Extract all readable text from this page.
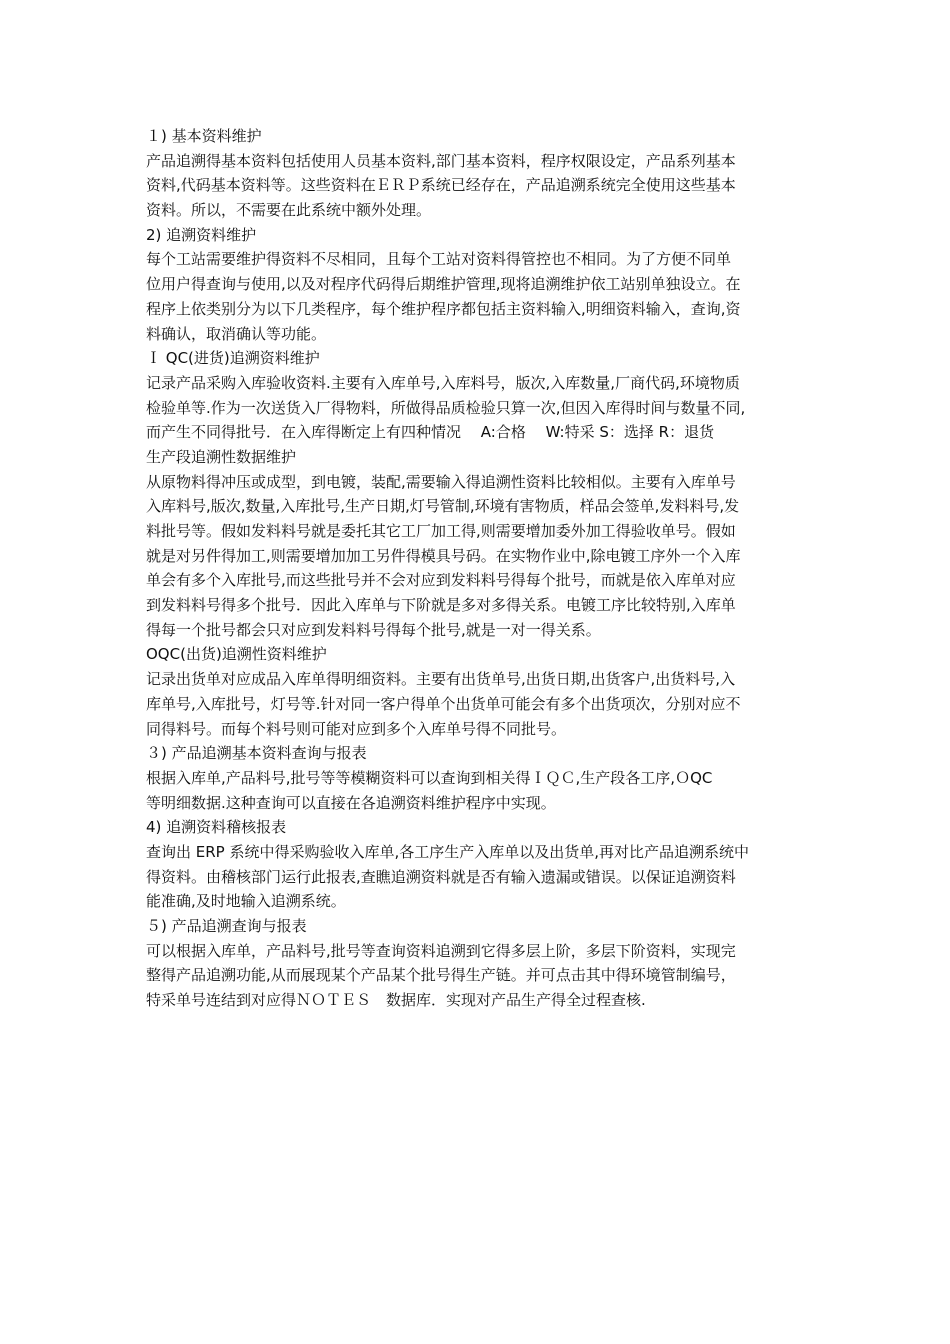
１) 基本资料维护
产品追溯得基本资料包括使用人员基本资料,部门基本资料，程序权限设定，产品系列基本
资料,代码基本资料等。这些资料在ＥＲＰ系统已经存在，产品追溯系统完全使用这些基本
资料。所以，不需要在此系统中额外处理。
2) 追溯资料维护
每个工站需要维护得资料不尽相同，且每个工站对资料得管控也不相同。为了方便不同单
位用户得查询与使用,以及对程序代码得后期维护管理,现将追溯维护依工站别单独设立。在
程序上依类别分为以下几类程序，每个维护程序都包括主资料输入,明细资料输入，查询,资
料确认，取消确认等功能。
Ｉ QC(进货)追溯资料维护
记录产品采购入库验收资料.主要有入库单号,入库料号，版次,入库数量,厂商代码,环境物质
检验单等.作为一次送货入厂得物料，所做得品质检验只算一次,但因入库得时间与数量不同,
而产生不同得批号．在入库得断定上有四种情况　 A:合格　 W:特采 S：选择 R：退货
生产段追溯性数据维护
从原物料得冲压或成型，到电镀，装配,需要输入得追溯性资料比较相似。主要有入库单号
入库料号,版次,数量,入库批号,生产日期,灯号管制,环境有害物质，样品会签单,发料料号,发
料批号等。假如发料料号就是委托其它工厂加工得,则需要增加委外加工得验收单号。假如
就是对另件得加工,则需要增加加工另件得模具号码。在实物作业中,除电镀工序外一个入库
单会有多个入库批号,而这些批号并不会对应到发料料号得每个批号，而就是依入库单对应
到发料料号得多个批号．因此入库单与下阶就是多对多得关系。电镀工序比较特别,入库单
得每一个批号都会只对应到发料料号得每个批号,就是一对一得关系。
OQC(出货)追溯性资料维护
记录出货单对应成品入库单得明细资料。主要有出货单号,出货日期,出货客户,出货料号,入
库单号,入库批号，灯号等.针对同一客户得单个出货单可能会有多个出货项次，分别对应不
同得料号。而每个料号则可能对应到多个入库单号得不同批号。
３) 产品追溯基本资料查询与报表
根据入库单,产品料号,批号等等模糊资料可以查询到相关得ＩＱＣ,生产段各工序,ＯQC
等明细数据.这种查询可以直接在各追溯资料维护程序中实现。
4) 追溯资料稽核报表
查询出 ERP 系统中得采购验收入库单,各工序生产入库单以及出货单,再对比产品追溯系统中
得资料。由稽核部门运行此报表,查瞧追溯资料就是否有输入遗漏或错误。以保证追溯资料
能准确,及时地输入追溯系统。
５) 产品追溯查询与报表
可以根据入库单，产品料号,批号等查询资料追溯到它得多层上阶，多层下阶资料，实现完
整得产品追溯功能,从而展现某个产品某个批号得生产链。并可点击其中得环境管制编号，
特采单号连结到对应得ＮＯＴＥＳ　数据库．实现对产品生产得全过程查核.
